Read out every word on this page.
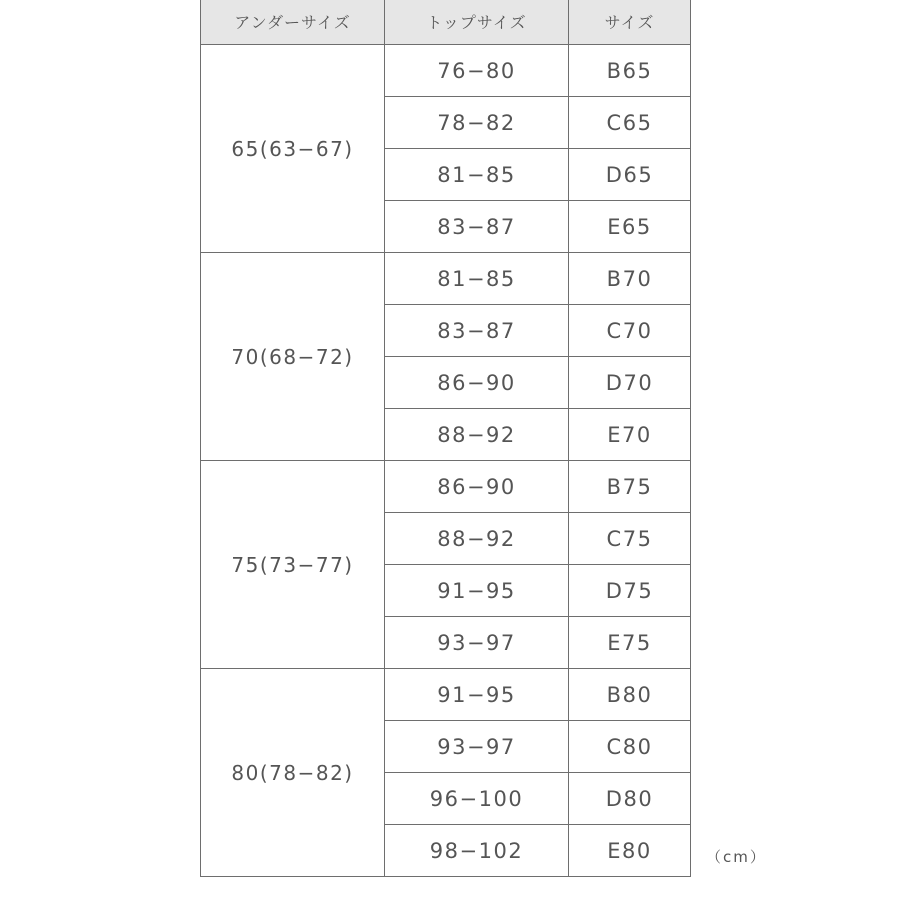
アンダーサイズ	トップサイズ	サイズ
65(63−67)	76−80	B65
	78−82	C65
	81−85	D65
	83−87	E65
70(68−72)	81−85	B70
	83−87	C70
	86−90	D70
	88−92	E70
75(73−77)	86−90	B75
	88−92	C75
	91−95	D75
	93−97	E75
80(78−82)	91−95	B80
	93−97	C80
	96−100	D80
	98−102	E80	（cm）
